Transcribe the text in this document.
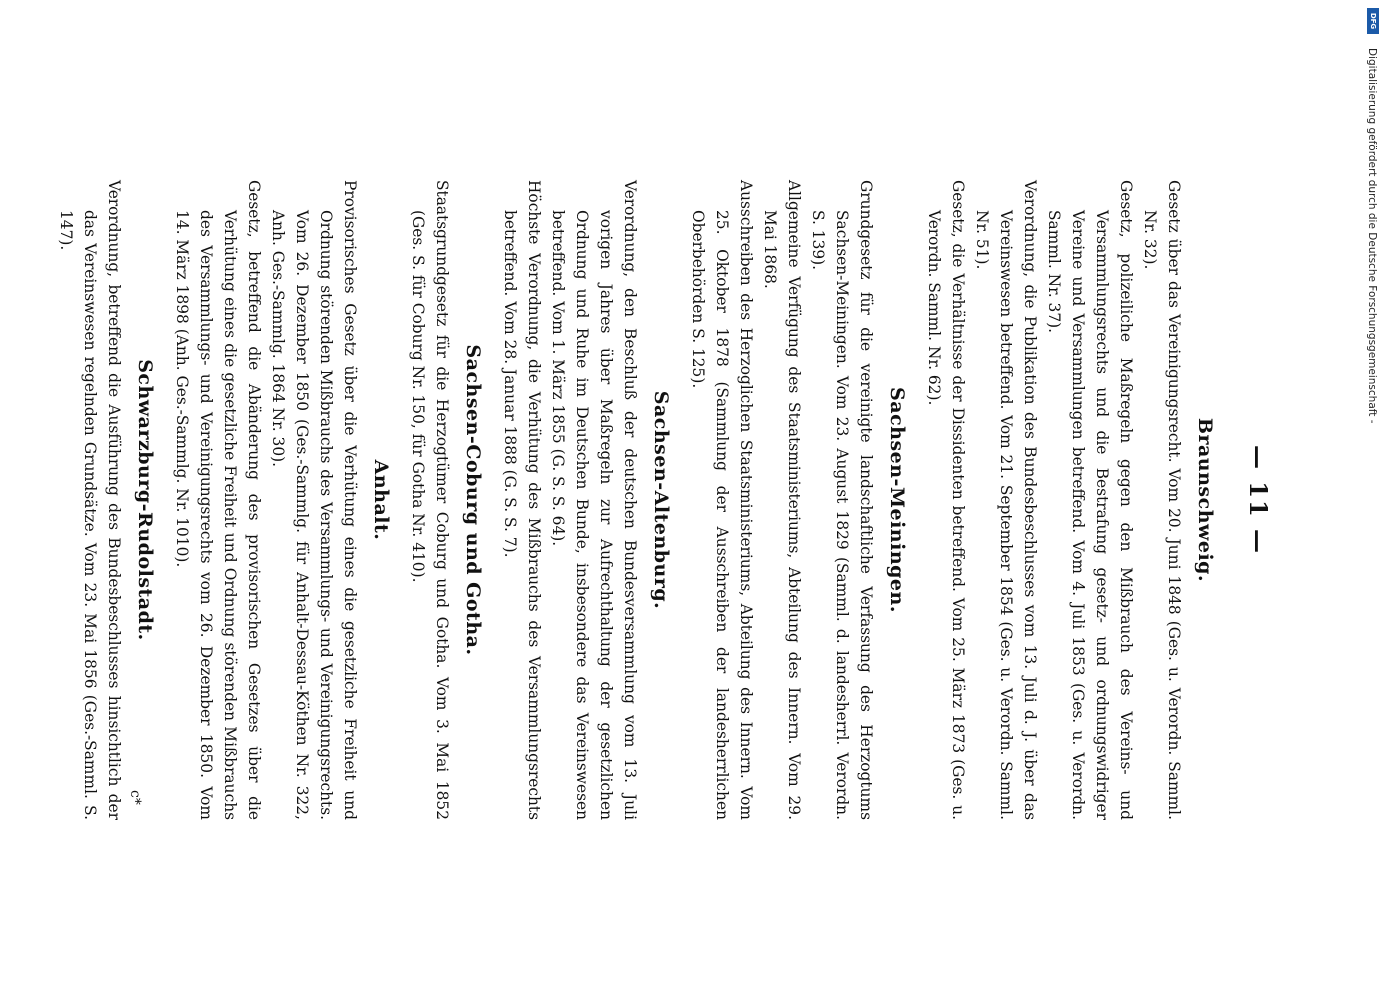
— 11 —
Braunschweig.

Gesetz über das Vereinigungsrecht. Vom 20. Juni 1848 (Ges. u. Verordn. Samml. Nr. 32).

Gesetz, polizeiliche Maßregeln gegen den Mißbrauch des Vereins- und Versammlungsrechts und die Bestrafung gesetz- und ordnungswidriger Vereine und Versammlungen betreffend. Vom 4. Juli 1853 (Ges. u. Verordn. Samml. Nr. 37).

Verordnung, die Publikation des Bundesbeschlusses vom 13. Juli d. J. über das Vereinswesen betreffend. Vom 21. September 1854 (Ges. u. Verordn. Samml. Nr. 51).

Gesetz, die Verhältnisse der Dissidenten betreffend. Vom 25. März 1873 (Ges. u. Verordn. Samml. Nr. 62).

Sachsen-Meiningen.

Grundgesetz für die vereinigte landschaftliche Verfassung des Herzogtums Sachsen-Meiningen. Vom 23. August 1829 (Samml. d. landesherrl. Verordn. S. 139).

Allgemeine Verfügung des Staatsministeriums, Abteilung des Innern. Vom 29. Mai 1868.

Ausschreiben des Herzoglichen Staatsministeriums, Abteilung des Innern. Vom 25. Oktober 1878 (Sammlung der Ausschreiben der landesherrlichen Oberbehörden S. 125).

Sachsen-Altenburg.

Verordnung, den Beschluß der deutschen Bundesversammlung vom 13. Juli vorigen Jahres über Maßregeln zur Aufrechthaltung der gesetzlichen Ordnung und Ruhe im Deutschen Bunde, insbesondere das Vereinswesen betreffend. Vom 1. März 1855 (G. S. S. 64).

Höchste Verordnung, die Verhütung des Mißbrauchs des Versammlungsrechts betreffend. Vom 28. Januar 1888 (G. S. S. 7).

Sachsen-Coburg und Gotha.

Staatsgrundgesetz für die Herzogtümer Coburg und Gotha. Vom 3. Mai 1852 (Ges. S. für Coburg Nr. 150, für Gotha Nr. 410).

Anhalt.

Provisorisches Gesetz über die Verhütung eines die gesetzliche Freiheit und Ordnung störenden Mißbrauchs des Versammlungs- und Vereinigungsrechts. Vom 26. Dezember 1850 (Ges.-Sammlg. für Anhalt-Dessau-Köthen Nr. 322, Anh. Ges.-Sammlg. 1864 Nr. 30).

Gesetz, betreffend die Abänderung des provisorischen Gesetzes über die Verhütung eines die gesetzliche Freiheit und Ordnung störenden Mißbrauchs des Versammlungs- und Vereinigungsrechts vom 26. Dezember 1850. Vom 14. März 1898 (Anh. Ges.-Sammlg. Nr. 1010).

Schwarzburg-Rudolstadt.

Verordnung, betreffend die Ausführung des Bundesbeschlusses hinsichtlich der das Vereinswesen regelnden Grundsätze. Vom 23. Mai 1856 (Ges.-Samml. S. 147).

c*
DFG
Digitalisierung gefördert durch die Deutsche Forschungsgemeinschaft -
